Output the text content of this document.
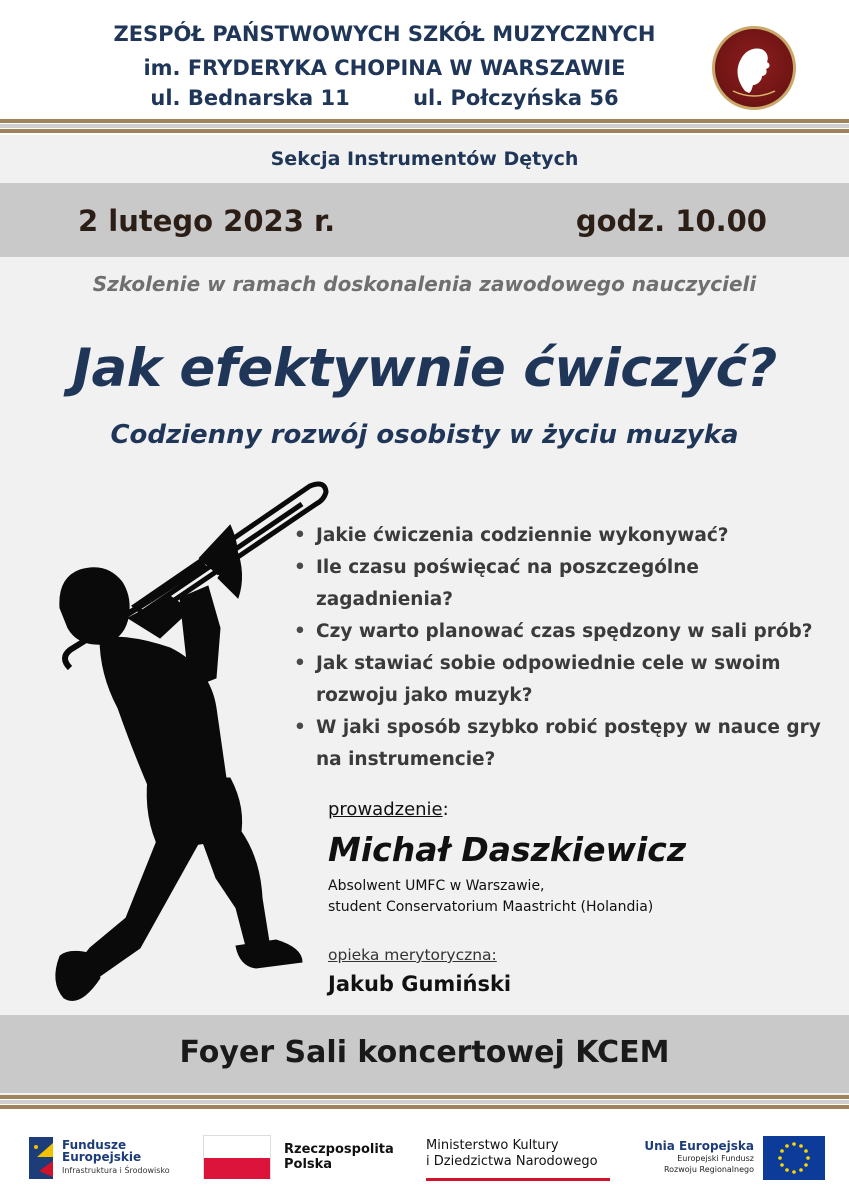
ZESPÓŁ PAŃSTWOWYCH SZKÓŁ MUZYCZNYCH
im. FRYDERYKA CHOPINA W WARSZAWIE
ul. Bednarska 11	ul. Połczyńska 56
Sekcja Instrumentów Dętych
2 lutego 2023 r.	godz. 10.00
Szkolenie w ramach doskonalenia zawodowego nauczycieli
Jak efektywnie ćwiczyć?
Codzienny rozwój osobisty w życiu muzyka
• Jakie ćwiczenia codziennie wykonywać?
• Ile czasu poświęcać na poszczególne zagadnienia?
• Czy warto planować czas spędzony w sali prób?
• Jak stawiać sobie odpowiednie cele w swoim rozwoju jako muzyk?
• W jaki sposób szybko robić postępy w nauce gry na instrumencie?
prowadzenie:
Michał Daszkiewicz
Absolwent UMFC w Warszawie,
student Conservatorium Maastricht (Holandia)
opieka merytoryczna:
Jakub Gumiński
Foyer Sali koncertowej KCEM
Fundusze
Europejskie
Infrastruktura i Środowisko
Rzeczpospolita
Polska
Ministerstwo Kultury
i Dziedzictwa Narodowego
Unia Europejska
Europejski Fundusz
Rozwoju Regionalnego
